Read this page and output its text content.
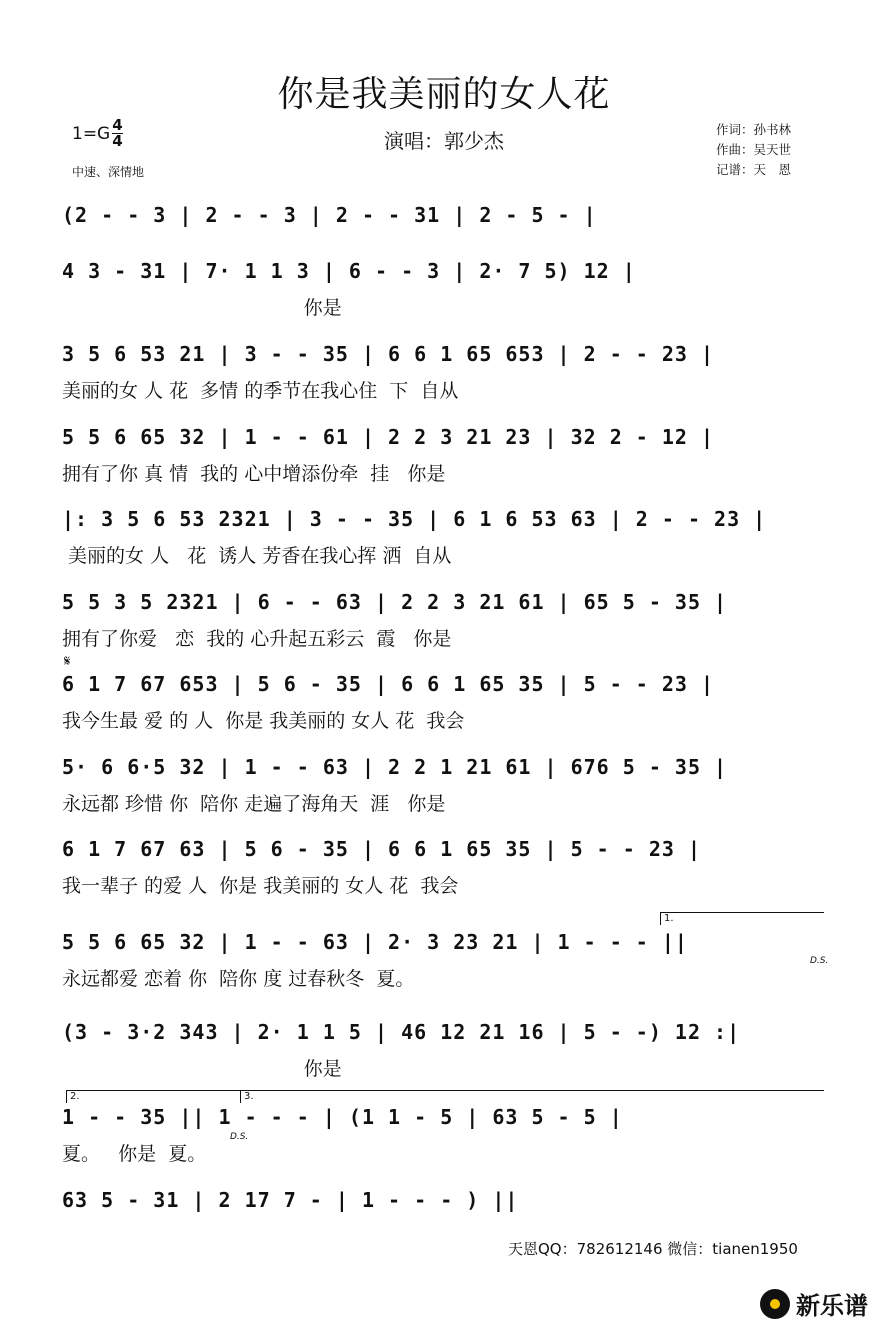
你是我美丽的女人花
演唱：郭少杰
$1=G \frac{4}{4}$
中速、深情地
作词：孙书林
作曲：吴天世
记谱：天　恩
(2 - - 3 | 2 - - 3 | 2 - - 31 | 2 - 5 - |
4 3 - 31 | 7· 1 1 3 | 6 - - 3 | 2· 7 5) 12 |
你是
3 5 6 53 21 | 3 - - 35 | 6 6 1 65 653 | 2 - - 23 |
美丽的女 人 花  多情 的季节在我心住  下  自从
5 5 6 65 32 | 1 - - 61 | 2 2 3 21 23 | 32 2 - 12 |
拥有了你 真 情  我的 心中增添份牵  挂   你是
|: 3 5 6 53 2321 | 3 - - 35 | 6 1 6 53 63 | 2 - - 23 |
美丽的女 人   花  诱人 芳香在我心挥 洒  自从
5 5 3 5 2321 | 6 - - 63 | 2 2 3 21 61 | 65 5 - 35 |
拥有了你爱   恋  我的 心升起五彩云  霞   你是
𝄋
6 1 7 67 653 | 5 6 - 35 | 6 6 1 65 35 | 5 - - 23 |
我今生最 爱 的 人  你是 我美丽的 女人 花  我会
5· 6 6·5 32 | 1 - - 63 | 2 2 1 21 61 | 676 5 - 35 |
永远都 珍惜 你  陪你 走遍了海角天  涯   你是
6 1 7 67 63 | 5 6 - 35 | 6 6 1 65 35 | 5 - - 23 |
我一辈子 的爱 人  你是 我美丽的 女人 花  我会
1.
5 5 6 65 32 | 1 - - 63 | 2· 3 23 21 | 1 - - - ||
永远都爱 恋着 你  陪你 度 过春秋冬  夏。
D.S.
(3 - 3·2 343 | 2· 1 1 5 | 46 12 21 16 | 5 - -) 12 :|
你是
2.	3.
1 - - 35 || 1 - - - | (1 1 - 5 | 63 5 - 5 |
夏。   你是  夏。
D.S.
63 5 - 31 | 2 17 7 - | 1 - - - ) ||
天恩QQ：782612146 微信：tianen1950
新乐谱
